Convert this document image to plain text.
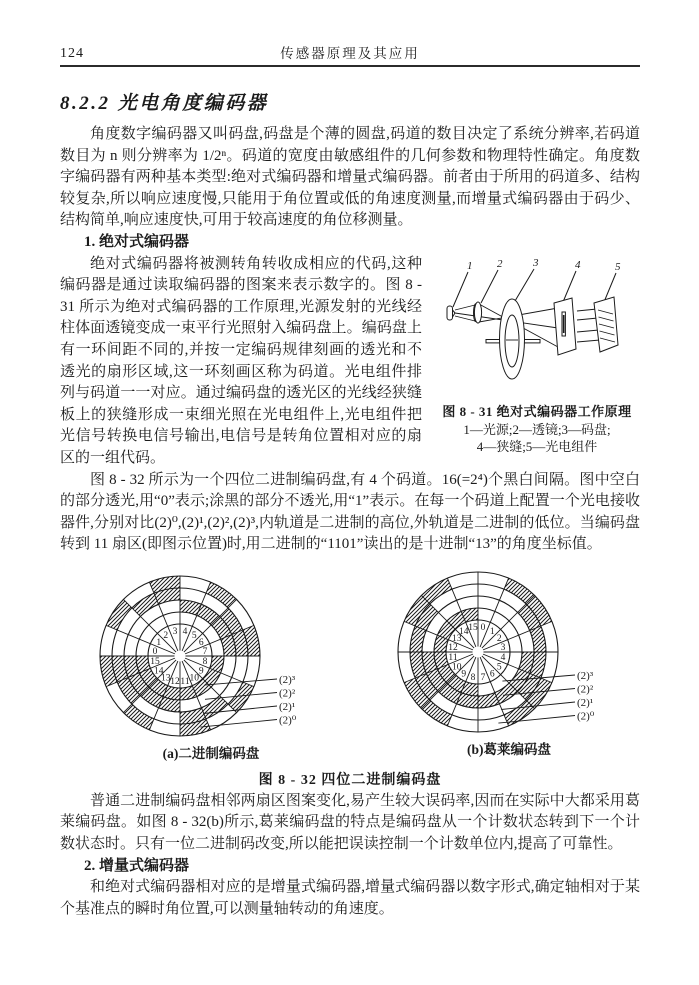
124	传感器原理及其应用
8.2.2 光电角度编码器

角度数字编码器又叫码盘,码盘是个薄的圆盘,码道的数目决定了系统分辨率,若码道数目为 n 则分辨率为 1/2ⁿ。码道的宽度由敏感组件的几何参数和物理特性确定。角度数字编码器有两种基本类型:绝对式编码器和增量式编码器。前者由于所用的码道多、结构较复杂,所以响应速度慢,只能用于角位置或低的角速度测量,而增量式编码器由于码少、结构简单,响应速度快,可用于较高速度的角位移测量。

1. 绝对式编码器

1 2	3	4	5
图 8 - 31 绝对式编码器工作原理
1—光源;2—透镜;3—码盘;
4—狭缝;5—光电组件

绝对式编码器将被测转角转收成相应的代码,这种编码器是通过读取编码器的图案来表示数字的。图 8 - 31 所示为绝对式编码器的工作原理,光源发射的光线经柱体面透镜变成一束平行光照射入编码盘上。编码盘上有一环间距不同的,并按一定编码规律刻画的透光和不透光的扇形区域,这一环刻画区称为码道。光电组件排列与码道一一对应。通过编码盘的透光区的光线经狭缝板上的狭缝形成一束细光照在光电组件上,光电组件把光信号转换电信号输出,电信号是转角位置相对应的扇区的一组代码。

图 8 - 32 所示为一个四位二进制编码盘,有 4 个码道。16(=2⁴)个黑白间隔。图中空白的部分透光,用“0”表示;涂黑的部分不透光,用“1”表示。在每一个码道上配置一个光电接收器件,分别对比(2)⁰,(2)¹,(2)²,(2)³,内轨道是二进制的高位,外轨道是二进制的低位。当编码盘转到 11 扇区(即图示位置)时,用二进制的“1101”读出的是十进制“13”的角度坐标值。

0
1
2 3 4 5
6
7
8
9
10
11
12
13
14
15
(2)³
(2)²
(2)¹
(2)⁰
(a)二进制编码盘
0 1
2
3
4
5
6
7
8
9
10
11
12
13
14 15
(2)³
(2)²
(2)¹
(2)⁰
(b)葛莱编码盘
图 8 - 32 四位二进制编码盘

普通二进制编码盘相邻两扇区图案变化,易产生较大误码率,因而在实际中大都采用葛莱编码盘。如图 8 - 32(b)所示,葛莱编码盘的特点是编码盘从一个计数状态转到下一个计数状态时。只有一位二进制码改变,所以能把误读控制一个计数单位内,提高了可靠性。

2. 增量式编码器

和绝对式编码器相对应的是增量式编码器,增量式编码器以数字形式,确定轴相对于某个基准点的瞬时角位置,可以测量轴转动的角速度。
